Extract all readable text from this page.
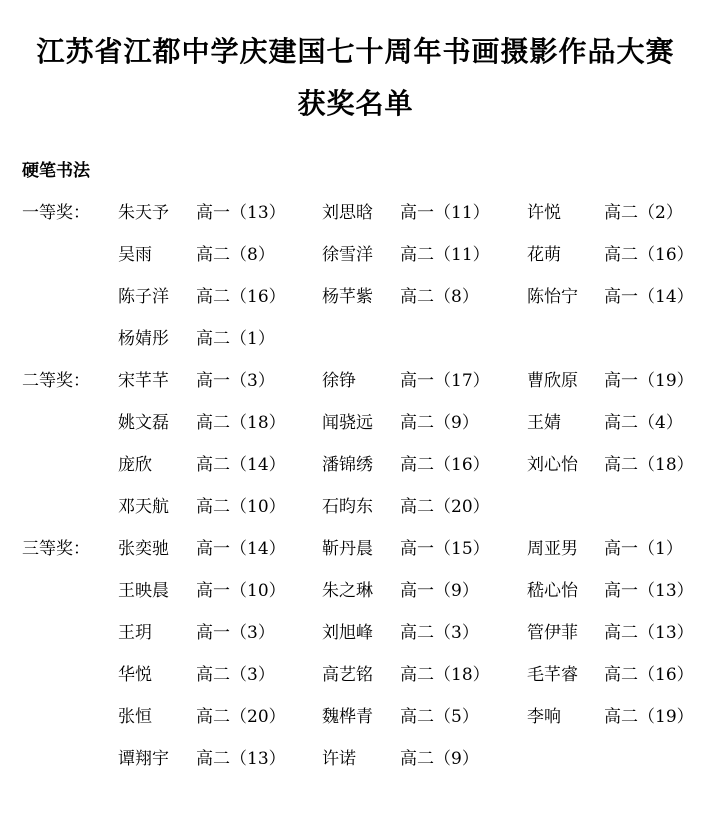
江苏省江都中学庆建国七十周年书画摄影作品大赛
获奖名单
硬笔书法
一等奖： 朱天予 高一（13） 刘思晗 高一（11） 许悦	高二（2）
吴雨	高二（8）	徐雪洋 高二（11） 花萌	高二（16）
陈子洋 高二（16） 杨芊紫 高二（8）	陈怡宁 高一（14）
杨婧彤 高二（1）
二等奖： 宋芊芊 高一（3）	徐铮	高一（17） 曹欣原 高一（19）
姚文磊 高二（18） 闻骁远 高二（9）	王婧	高二（4）
庞欣	高二（14） 潘锦绣 高二（16） 刘心怡 高二（18）
邓天航 高二（10） 石昀东 高二（20）
三等奖： 张奕驰 高一（14） 靳丹晨 高一（15） 周亚男 高一（1）
王映晨 高一（10） 朱之琳 高一（9）	嵇心怡 高一（13）
王玥	高一（3）	刘旭峰 高二（3）	管伊菲 高二（13）
华悦	高二（3）	高艺铭 高二（18） 毛芊睿 高二（16）
张恒	高二（20） 魏桦青 高二（5）	李响	高二（19）
谭翔宇 高二（13） 许诺	高二（9）
